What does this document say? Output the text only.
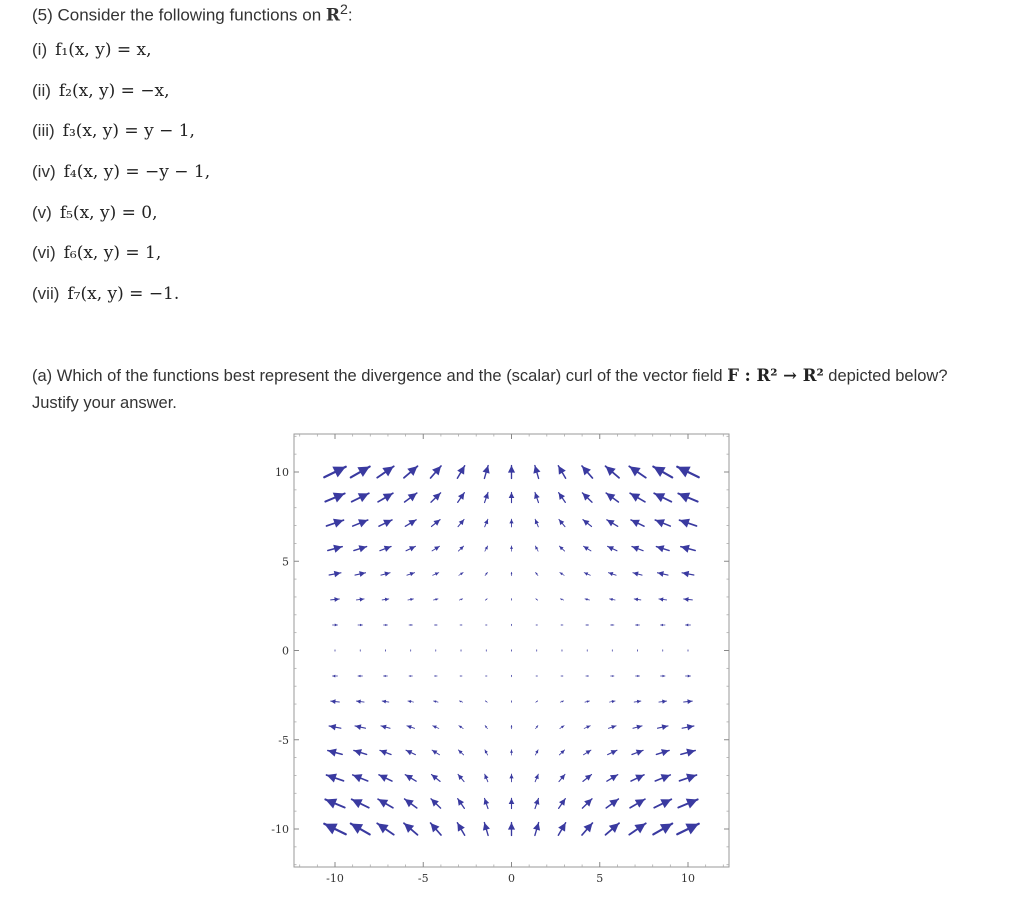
(5) Consider the following functions on $R^2$:
(i) f₁(x, y) = x,
(ii) f₂(x, y) = −x,
(iii) f₃(x, y) = y − 1,
(iv) f₄(x, y) = −y − 1,
(v) f₅(x, y) = 0,
(vi) f₆(x, y) = 1,
(vii) f₇(x, y) = −1.
(a) Which of the functions best represent the divergence and the (scalar) curl of the vector field F : R² → R² depicted below? Justify your answer.
-10	-5	0	5	10
10
5
0
-5
-10
